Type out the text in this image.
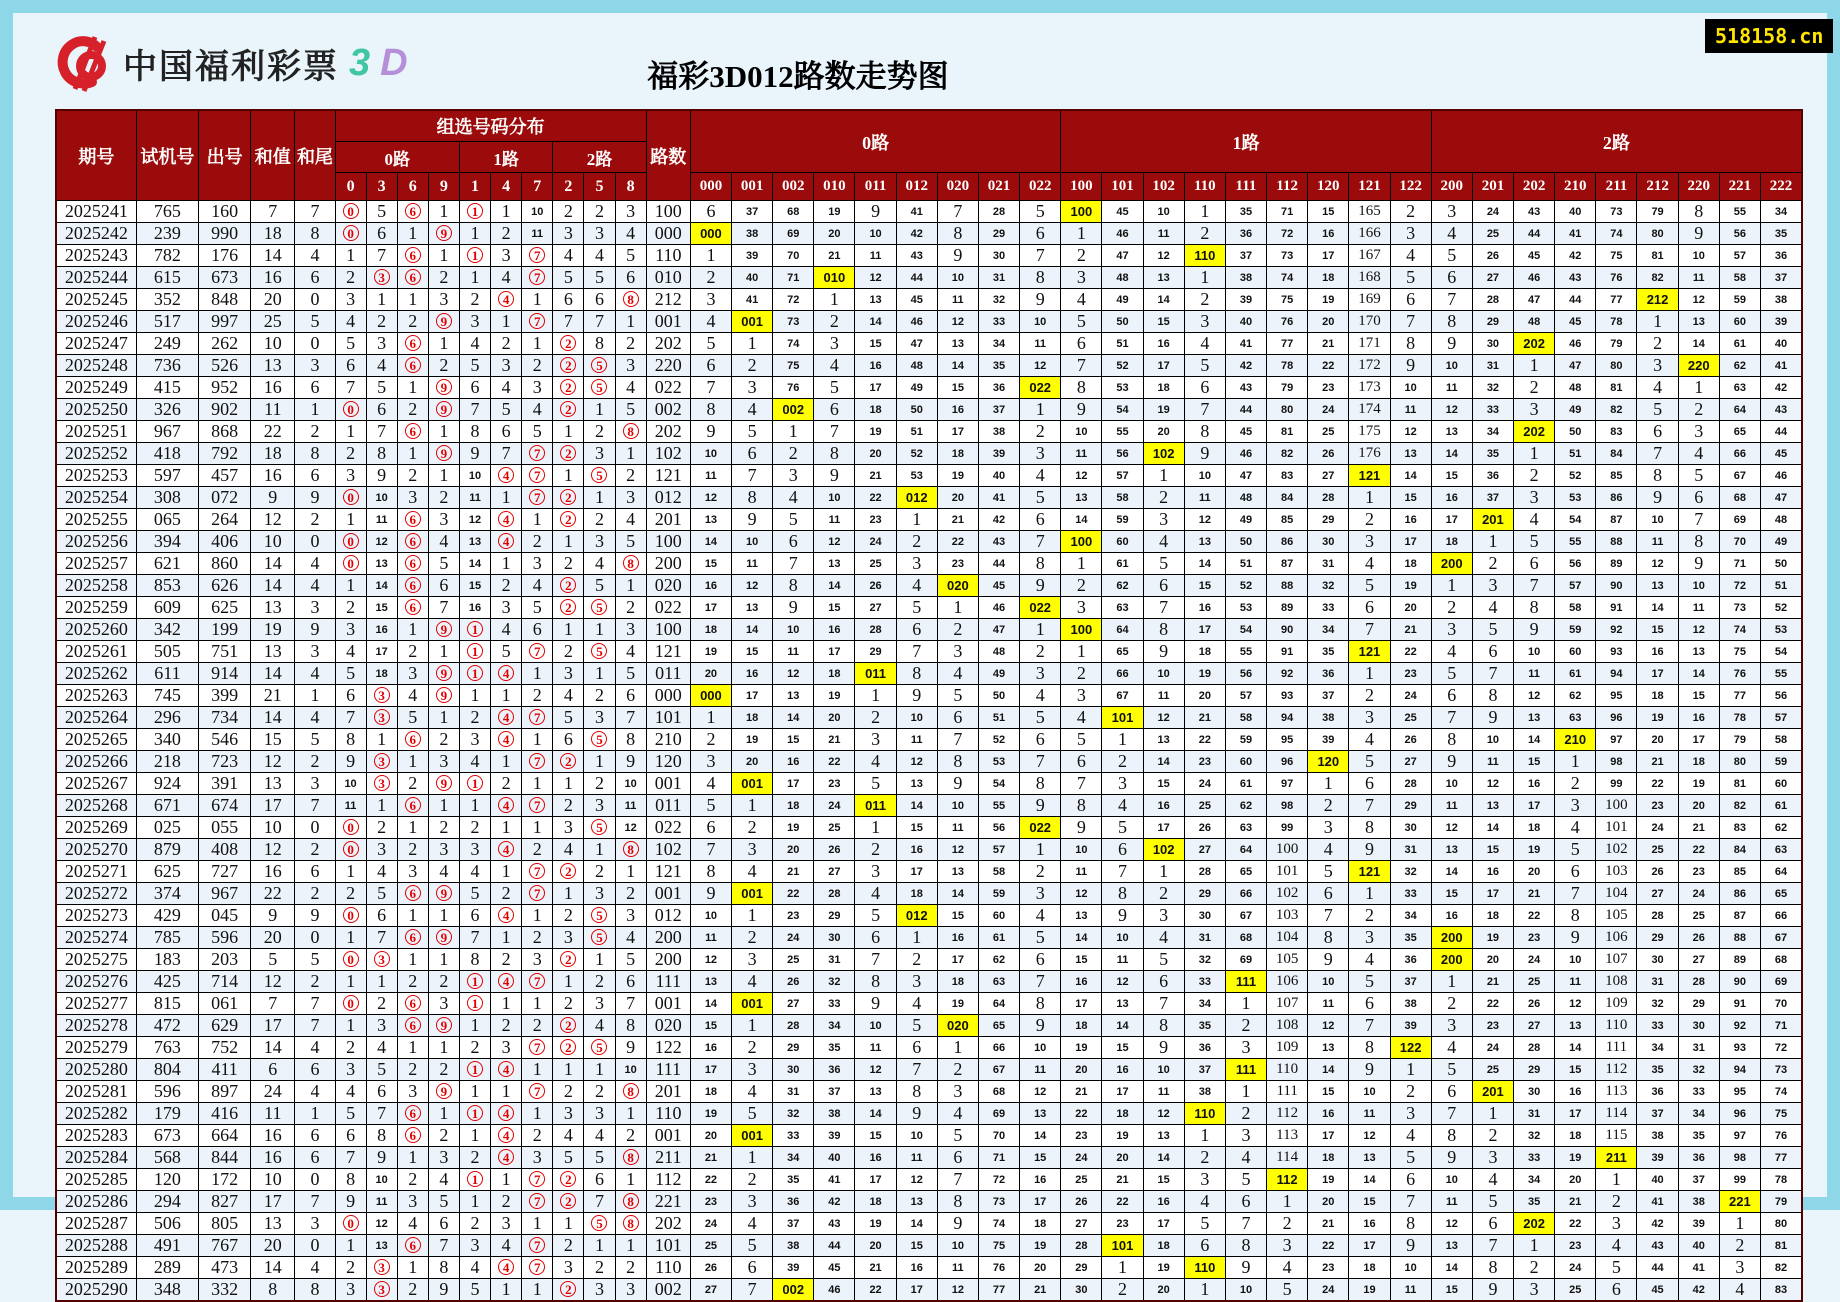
中国福利彩票 3 D	福彩3D012路数走势图
518158.cn
期号	试机号	出号	和值	和尾	组选号码分布										路数	0路									1路									2路								
					0路				1路			2路																														
					0	3	6	9	1	4	7	2	5	8		000	001	002	010	011	012	020	021	022	100	101	102	110	111	112	120	121	122	200	201	202	210	211	212	220	221	222
2025241	765	160	7	7	0	5	6	1	1	1	10	2	2	3	100	6	37	68	19	9	41	7	28	5	100	45	10	1	35	71	15	165	2	3	24	43	40	73	79	8	55	34
2025242	239	990	18	8	0	6	1	9	1	2	11	3	3	4	000	000	38	69	20	10	42	8	29	6	1	46	11	2	36	72	16	166	3	4	25	44	41	74	80	9	56	35
2025243	782	176	14	4	1	7	6	1	1	3	7	4	4	5	110	1	39	70	21	11	43	9	30	7	2	47	12	110	37	73	17	167	4	5	26	45	42	75	81	10	57	36
2025244	615	673	16	6	2	3	6	2	1	4	7	5	5	6	010	2	40	71	010	12	44	10	31	8	3	48	13	1	38	74	18	168	5	6	27	46	43	76	82	11	58	37
2025245	352	848	20	0	3	1	1	3	2	4	1	6	6	8	212	3	41	72	1	13	45	11	32	9	4	49	14	2	39	75	19	169	6	7	28	47	44	77	212	12	59	38
2025246	517	997	25	5	4	2	2	9	3	1	7	7	7	1	001	4	001	73	2	14	46	12	33	10	5	50	15	3	40	76	20	170	7	8	29	48	45	78	1	13	60	39
2025247	249	262	10	0	5	3	6	1	4	2	1	2	8	2	202	5	1	74	3	15	47	13	34	11	6	51	16	4	41	77	21	171	8	9	30	202	46	79	2	14	61	40
2025248	736	526	13	3	6	4	6	2	5	3	2	2	5	3	220	6	2	75	4	16	48	14	35	12	7	52	17	5	42	78	22	172	9	10	31	1	47	80	3	220	62	41
2025249	415	952	16	6	7	5	1	9	6	4	3	2	5	4	022	7	3	76	5	17	49	15	36	022	8	53	18	6	43	79	23	173	10	11	32	2	48	81	4	1	63	42
2025250	326	902	11	1	0	6	2	9	7	5	4	2	1	5	002	8	4	002	6	18	50	16	37	1	9	54	19	7	44	80	24	174	11	12	33	3	49	82	5	2	64	43
2025251	967	868	22	2	1	7	6	1	8	6	5	1	2	8	202	9	5	1	7	19	51	17	38	2	10	55	20	8	45	81	25	175	12	13	34	202	50	83	6	3	65	44
2025252	418	792	18	8	2	8	1	9	9	7	7	2	3	1	102	10	6	2	8	20	52	18	39	3	11	56	102	9	46	82	26	176	13	14	35	1	51	84	7	4	66	45
2025253	597	457	16	6	3	9	2	1	10	4	7	1	5	2	121	11	7	3	9	21	53	19	40	4	12	57	1	10	47	83	27	121	14	15	36	2	52	85	8	5	67	46
2025254	308	072	9	9	0	10	3	2	11	1	7	2	1	3	012	12	8	4	10	22	012	20	41	5	13	58	2	11	48	84	28	1	15	16	37	3	53	86	9	6	68	47
2025255	065	264	12	2	1	11	6	3	12	4	1	2	2	4	201	13	9	5	11	23	1	21	42	6	14	59	3	12	49	85	29	2	16	17	201	4	54	87	10	7	69	48
2025256	394	406	10	0	0	12	6	4	13	4	2	1	3	5	100	14	10	6	12	24	2	22	43	7	100	60	4	13	50	86	30	3	17	18	1	5	55	88	11	8	70	49
2025257	621	860	14	4	0	13	6	5	14	1	3	2	4	8	200	15	11	7	13	25	3	23	44	8	1	61	5	14	51	87	31	4	18	200	2	6	56	89	12	9	71	50
2025258	853	626	14	4	1	14	6	6	15	2	4	2	5	1	020	16	12	8	14	26	4	020	45	9	2	62	6	15	52	88	32	5	19	1	3	7	57	90	13	10	72	51
2025259	609	625	13	3	2	15	6	7	16	3	5	2	5	2	022	17	13	9	15	27	5	1	46	022	3	63	7	16	53	89	33	6	20	2	4	8	58	91	14	11	73	52
2025260	342	199	19	9	3	16	1	9	1	4	6	1	1	3	100	18	14	10	16	28	6	2	47	1	100	64	8	17	54	90	34	7	21	3	5	9	59	92	15	12	74	53
2025261	505	751	13	3	4	17	2	1	1	5	7	2	5	4	121	19	15	11	17	29	7	3	48	2	1	65	9	18	55	91	35	121	22	4	6	10	60	93	16	13	75	54
2025262	611	914	14	4	5	18	3	9	1	4	1	3	1	5	011	20	16	12	18	011	8	4	49	3	2	66	10	19	56	92	36	1	23	5	7	11	61	94	17	14	76	55
2025263	745	399	21	1	6	3	4	9	1	1	2	4	2	6	000	000	17	13	19	1	9	5	50	4	3	67	11	20	57	93	37	2	24	6	8	12	62	95	18	15	77	56
2025264	296	734	14	4	7	3	5	1	2	4	7	5	3	7	101	1	18	14	20	2	10	6	51	5	4	101	12	21	58	94	38	3	25	7	9	13	63	96	19	16	78	57
2025265	340	546	15	5	8	1	6	2	3	4	1	6	5	8	210	2	19	15	21	3	11	7	52	6	5	1	13	22	59	95	39	4	26	8	10	14	210	97	20	17	79	58
2025266	218	723	12	2	9	3	1	3	4	1	7	2	1	9	120	3	20	16	22	4	12	8	53	7	6	2	14	23	60	96	120	5	27	9	11	15	1	98	21	18	80	59
2025267	924	391	13	3	10	3	2	9	1	2	1	1	2	10	001	4	001	17	23	5	13	9	54	8	7	3	15	24	61	97	1	6	28	10	12	16	2	99	22	19	81	60
2025268	671	674	17	7	11	1	6	1	1	4	7	2	3	11	011	5	1	18	24	011	14	10	55	9	8	4	16	25	62	98	2	7	29	11	13	17	3	100	23	20	82	61
2025269	025	055	10	0	0	2	1	2	2	1	1	3	5	12	022	6	2	19	25	1	15	11	56	022	9	5	17	26	63	99	3	8	30	12	14	18	4	101	24	21	83	62
2025270	879	408	12	2	0	3	2	3	3	4	2	4	1	8	102	7	3	20	26	2	16	12	57	1	10	6	102	27	64	100	4	9	31	13	15	19	5	102	25	22	84	63
2025271	625	727	16	6	1	4	3	4	4	1	7	2	2	1	121	8	4	21	27	3	17	13	58	2	11	7	1	28	65	101	5	121	32	14	16	20	6	103	26	23	85	64
2025272	374	967	22	2	2	5	6	9	5	2	7	1	3	2	001	9	001	22	28	4	18	14	59	3	12	8	2	29	66	102	6	1	33	15	17	21	7	104	27	24	86	65
2025273	429	045	9	9	0	6	1	1	6	4	1	2	5	3	012	10	1	23	29	5	012	15	60	4	13	9	3	30	67	103	7	2	34	16	18	22	8	105	28	25	87	66
2025274	785	596	20	0	1	7	6	9	7	1	2	3	5	4	200	11	2	24	30	6	1	16	61	5	14	10	4	31	68	104	8	3	35	200	19	23	9	106	29	26	88	67
2025275	183	203	5	5	0	3	1	1	8	2	3	2	1	5	200	12	3	25	31	7	2	17	62	6	15	11	5	32	69	105	9	4	36	200	20	24	10	107	30	27	89	68
2025276	425	714	12	2	1	1	2	2	1	4	7	1	2	6	111	13	4	26	32	8	3	18	63	7	16	12	6	33	111	106	10	5	37	1	21	25	11	108	31	28	90	69
2025277	815	061	7	7	0	2	6	3	1	1	1	2	3	7	001	14	001	27	33	9	4	19	64	8	17	13	7	34	1	107	11	6	38	2	22	26	12	109	32	29	91	70
2025278	472	629	17	7	1	3	6	9	1	2	2	2	4	8	020	15	1	28	34	10	5	020	65	9	18	14	8	35	2	108	12	7	39	3	23	27	13	110	33	30	92	71
2025279	763	752	14	4	2	4	1	1	2	3	7	2	5	9	122	16	2	29	35	11	6	1	66	10	19	15	9	36	3	109	13	8	122	4	24	28	14	111	34	31	93	72
2025280	804	411	6	6	3	5	2	2	1	4	1	1	1	10	111	17	3	30	36	12	7	2	67	11	20	16	10	37	111	110	14	9	1	5	25	29	15	112	35	32	94	73
2025281	596	897	24	4	4	6	3	9	1	1	7	2	2	8	201	18	4	31	37	13	8	3	68	12	21	17	11	38	1	111	15	10	2	6	201	30	16	113	36	33	95	74
2025282	179	416	11	1	5	7	6	1	1	4	1	3	3	1	110	19	5	32	38	14	9	4	69	13	22	18	12	110	2	112	16	11	3	7	1	31	17	114	37	34	96	75
2025283	673	664	16	6	6	8	6	2	1	4	2	4	4	2	001	20	001	33	39	15	10	5	70	14	23	19	13	1	3	113	17	12	4	8	2	32	18	115	38	35	97	76
2025284	568	844	16	6	7	9	1	3	2	4	3	5	5	8	211	21	1	34	40	16	11	6	71	15	24	20	14	2	4	114	18	13	5	9	3	33	19	211	39	36	98	77
2025285	120	172	10	0	8	10	2	4	1	1	7	2	6	1	112	22	2	35	41	17	12	7	72	16	25	21	15	3	5	112	19	14	6	10	4	34	20	1	40	37	99	78
2025286	294	827	17	7	9	11	3	5	1	2	7	2	7	8	221	23	3	36	42	18	13	8	73	17	26	22	16	4	6	1	20	15	7	11	5	35	21	2	41	38	221	79
2025287	506	805	13	3	0	12	4	6	2	3	1	1	5	8	202	24	4	37	43	19	14	9	74	18	27	23	17	5	7	2	21	16	8	12	6	202	22	3	42	39	1	80
2025288	491	767	20	0	1	13	6	7	3	4	7	2	1	1	101	25	5	38	44	20	15	10	75	19	28	101	18	6	8	3	22	17	9	13	7	1	23	4	43	40	2	81
2025289	289	473	14	4	2	3	1	8	4	4	7	3	2	2	110	26	6	39	45	21	16	11	76	20	29	1	19	110	9	4	23	18	10	14	8	2	24	5	44	41	3	82
2025290	348	332	8	8	3	3	2	9	5	1	1	2	3	3	002	27	7	002	46	22	17	12	77	21	30	2	20	1	10	5	24	19	11	15	9	3	25	6	45	42	4	83
